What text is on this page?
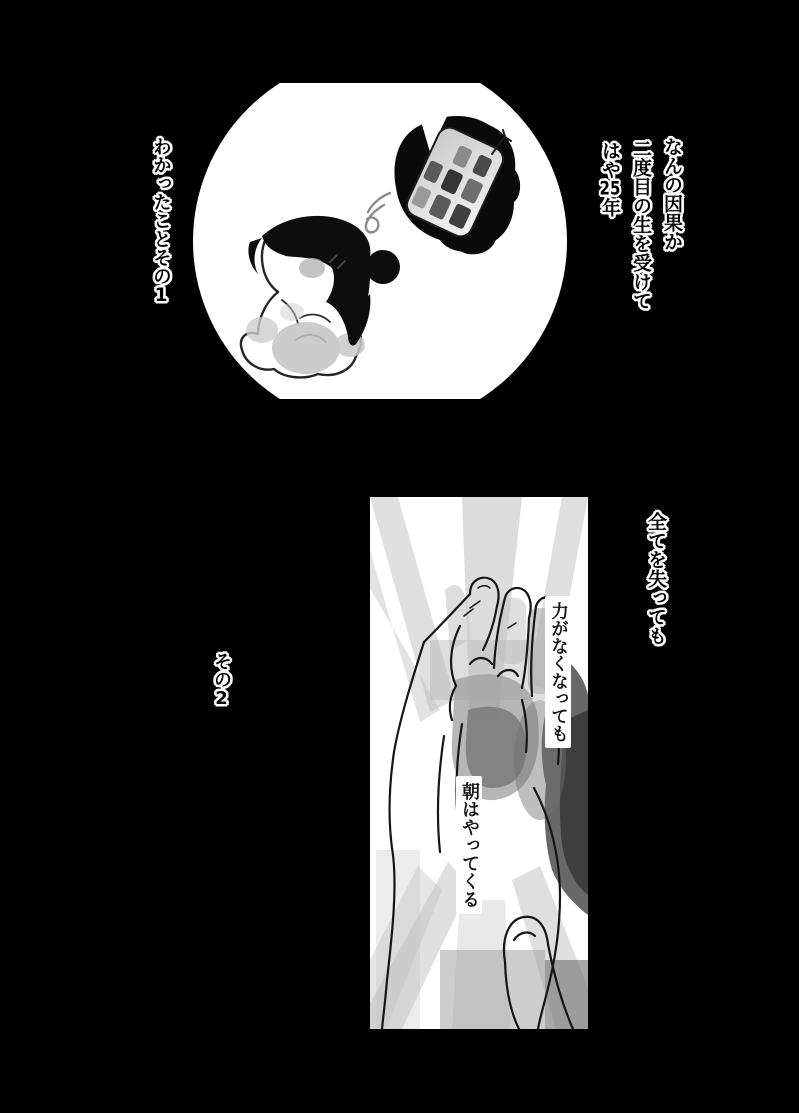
なんの因果か
二度目の生を受けて
はや25年
わかったことその1
全てを失っても
その2	力がなくなっても
朝はやってくる
